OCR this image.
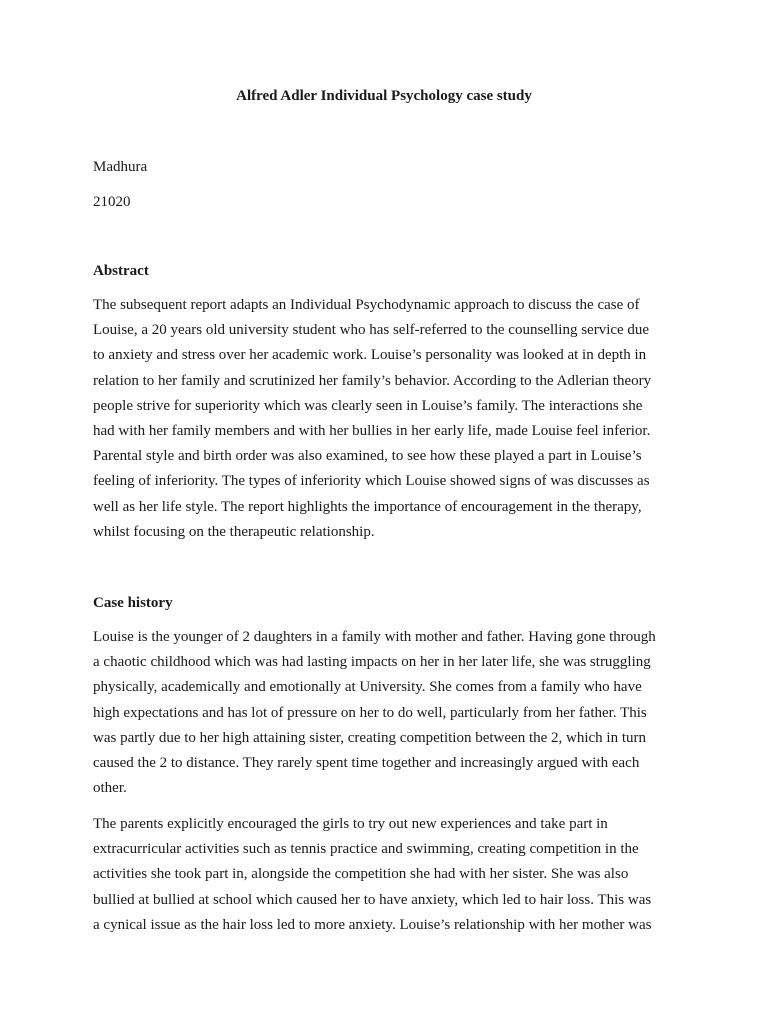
Alfred Adler Individual Psychology case study

Madhura

21020

Abstract
The subsequent report adapts an Individual Psychodynamic approach to discuss the case of
Louise, a 20 years old university student who has self-referred to the counselling service due
to anxiety and stress over her academic work. Louise’s personality was looked at in depth in
relation to her family and scrutinized her family’s behavior. According to the Adlerian theory
people strive for superiority which was clearly seen in Louise’s family. The interactions she
had with her family members and with her bullies in her early life, made Louise feel inferior.
Parental style and birth order was also examined, to see how these played a part in Louise’s
feeling of inferiority. The types of inferiority which Louise showed signs of was discusses as
well as her life style. The report highlights the importance of encouragement in the therapy,
whilst focusing on the therapeutic relationship.
Case history
Louise is the younger of 2 daughters in a family with mother and father. Having gone through
a chaotic childhood which was had lasting impacts on her in her later life, she was struggling
physically, academically and emotionally at University. She comes from a family who have
high expectations and has lot of pressure on her to do well, particularly from her father. This
was partly due to her high attaining sister, creating competition between the 2, which in turn
caused the 2 to distance. They rarely spent time together and increasingly argued with each
other.
The parents explicitly encouraged the girls to try out new experiences and take part in
extracurricular activities such as tennis practice and swimming, creating competition in the
activities she took part in, alongside the competition she had with her sister. She was also
bullied at bullied at school which caused her to have anxiety, which led to hair loss. This was
a cynical issue as the hair loss led to more anxiety. Louise’s relationship with her mother was
